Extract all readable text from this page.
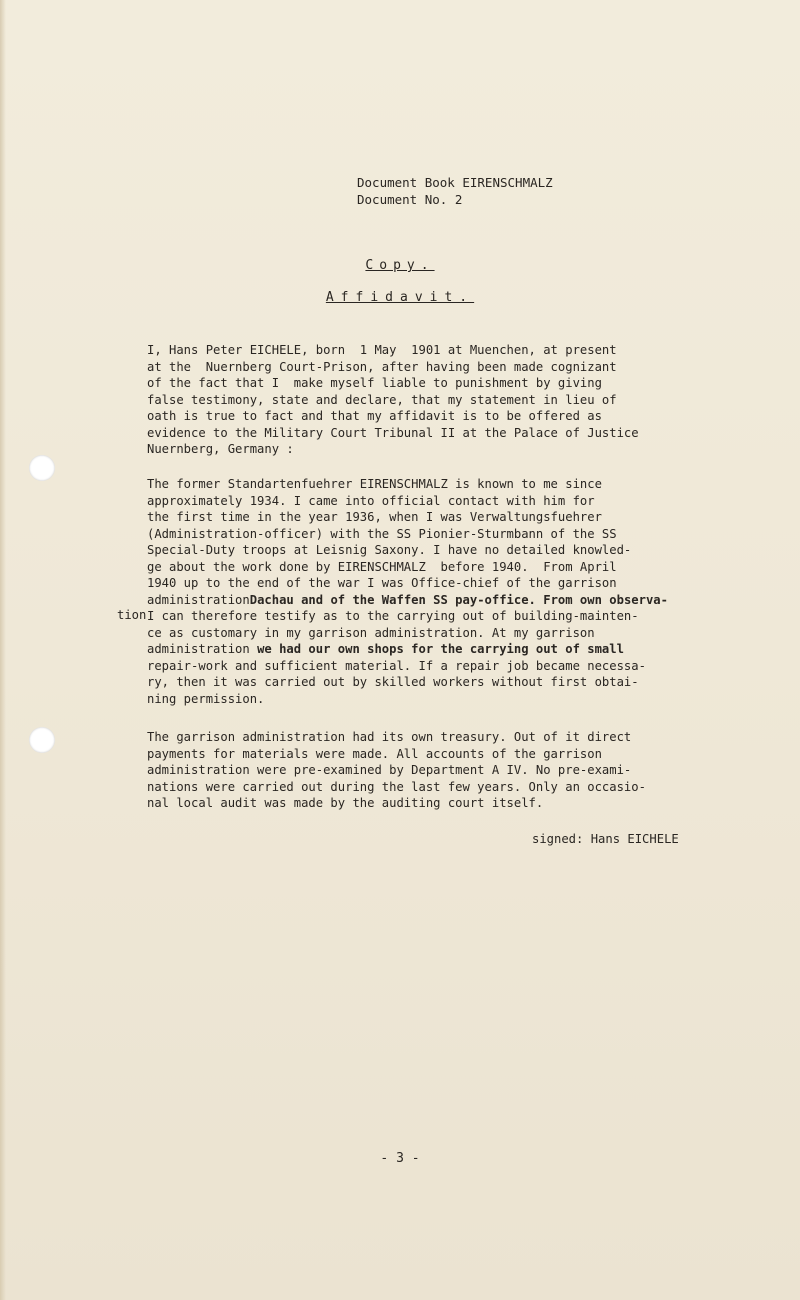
Document Book EIRENSCHMALZ
Document No. 2
Copy.
Affidavit.
I, Hans Peter EICHELE, born  1 May  1901 at Muenchen, at present
at the  Nuernberg Court-Prison, after having been made cognizant
of the fact that I  make myself liable to punishment by giving
false testimony, state and declare, that my statement in lieu of
oath is true to fact and that my affidavit is to be offered as
evidence to the Military Court Tribunal II at the Palace of Justice
Nuernberg, Germany :
The former Standartenfuehrer EIRENSCHMALZ is known to me since
approximately 1934. I came into official contact with him for
the first time in the year 1936, when I was Verwaltungsfuehrer
(Administration-officer) with the SS Pionier-Sturmbann of the SS
Special-Duty troops at Leisnig Saxony. I have no detailed knowled-
ge about the work done by EIRENSCHMALZ  before 1940.  From April
1940 up to the end of the war I was Office-chief of the garrison
administrationDachau and of the Waffen SS pay-office. From own observa-
tion I can therefore testify as to the carrying out of building-mainten-
ce as customary in my garrison administration. At my garrison
administration we had our own shops for the carrying out of small
repair-work and sufficient material. If a repair job became necessa-
ry, then it was carried out by skilled workers without first obtai-
ning permission.
The garrison administration had its own treasury. Out of it direct
payments for materials were made. All accounts of the garrison
administration were pre-examined by Department A IV. No pre-exami-
nations were carried out during the last few years. Only an occasio-
nal local audit was made by the auditing court itself.
signed: Hans EICHELE
- 3 -
